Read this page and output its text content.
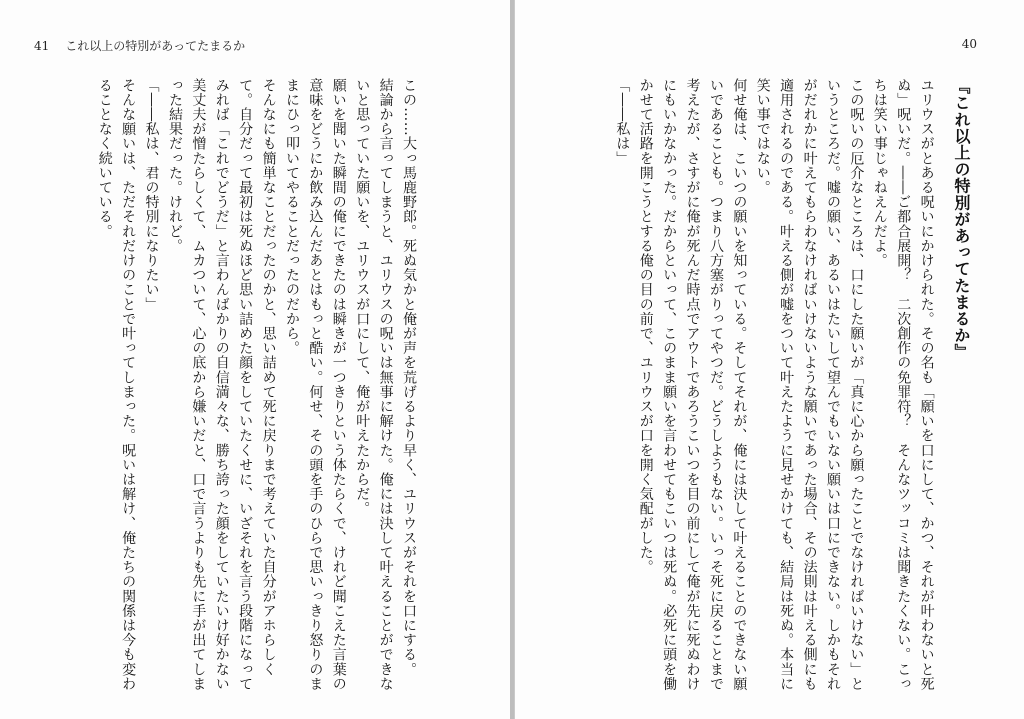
41 これ以上の特別があってたまるか

この……大っ馬鹿野郎。死ぬ気かと俺が声を荒げるより早く、ユリウスがそれを口にする。

結論から言ってしまうと、ユリウスの呪いは無事に解けた。俺には決して叶えることができないと思っていた願いを、ユリウスが口にして、俺が叶えたからだ。

願いを聞いた瞬間の俺にできたのは瞬きが一つきりという体たらくで、けれど聞こえた言葉の意味をどうにか飲み込んだあとはもっと酷い。何せ、その頭を手のひらで思いっきり怒りのままにひっ叩いてやることだったのだから。

そんなにも簡単なことだったのかと、思い詰めて死に戻りまで考えていた自分がアホらしくて。自分だって最初は死ぬほど思い詰めた顔をしていたくせに、いざそれを言う段階になってみれば「これでどうだ」と言わんばかりの自信満々な、勝ち誇った顔をしていたいけ好かない美丈夫が憎たらしくて、ムカついて、心の底から嫌いだと、口で言うよりも先に手が出てしまった結果だった。けれど。

「――私は、君の特別になりたい」

そんな願いは、ただそれだけのことで叶ってしまった。呪いは解け、俺たちの関係は今も変わることなく続いている。

40

『これ以上の特別があってたまるか』

ユリウスがとある呪いにかけられた。その名も「願いを口にして、かつ、それが叶わないと死ぬ」呪いだ。――ご都合展開？　二次創作の免罪符？　そんなツッコミは聞きたくない。こっちは笑い事じゃねえんだよ。

この呪いの厄介なところは、口にした願いが「真に心から願ったことでなければいけない」というところだ。嘘の願い、あるいはたいして望んでもいない願いは口にできない。しかもそれがだれかに叶えてもらわなければいけないような願いであった場合、その法則は叶える側にも適用されるのである。叶える側が嘘をついて叶えたように見せかけても、結局は死ぬ。本当に笑い事ではない。

何せ俺は、こいつの願いを知っている。そしてそれが、俺には決して叶えることのできない願いであることも。つまり八方塞がりってやつだ。どうしようもない。いっそ死に戻ることまで考えたが、さすがに俺が死んだ時点でアウトであろうこいつを目の前にして俺が先に死ぬわけにもいかなかった。だからといって、このまま願いを言わせてもこいつは死ぬ。必死に頭を働かせて活路を開こうとする俺の目の前で、ユリウスが口を開く気配がした。

「――私は」
